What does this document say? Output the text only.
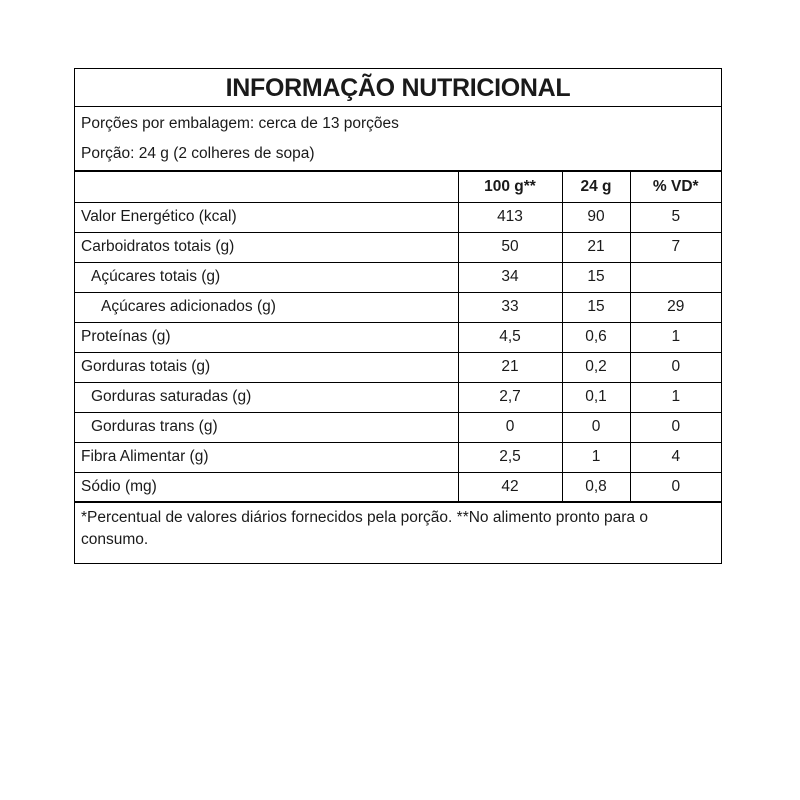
INFORMAÇÃO NUTRICIONAL
Porções por embalagem: cerca de 13 porções
Porção: 24 g (2 colheres de sopa)
	100 g**	24 g	% VD*
Valor Energético (kcal)	413	90	5
Carboidratos totais (g)	50	21	7
Açúcares totais (g)	34	15	
Açúcares adicionados (g)	33	15	29
Proteínas (g)	4,5	0,6	1
Gorduras totais (g)	21	0,2	0
Gorduras saturadas (g)	2,7	0,1	1
Gorduras trans (g)	0	0	0
Fibra Alimentar (g)	2,5	1	4
Sódio (mg)	42	0,8	0
*Percentual de valores diários fornecidos pela porção. **No alimento pronto para o consumo.
